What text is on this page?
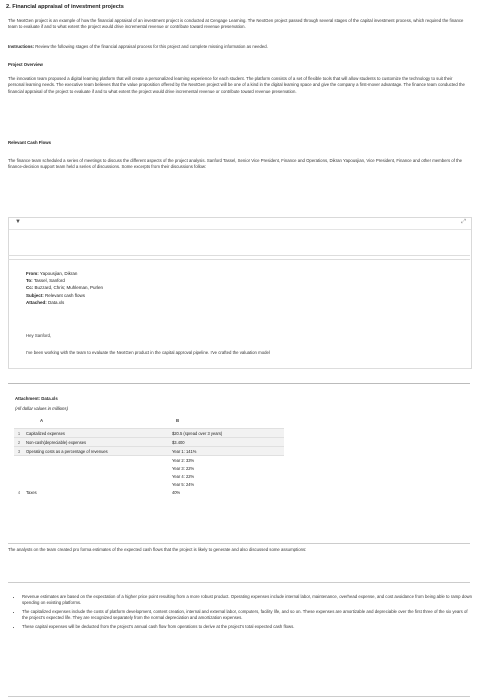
2. Financial appraisal of investment projects
The NextGen project is an example of how the financial appraisal of an investment project is conducted at Cengage Learning. The NextGen project passed through several stages of the capital investment process, which required the finance team to evaluate if and to what extent the project would drive incremental revenue or contribute toward revenue preservation.
Instructions: Review the following stages of the financial appraisal process for this project and complete missing information as needed.
Project Overview
The innovation team proposed a digital learning platform that will create a personalized learning experience for each student. The platform consists of a set of flexible tools that will allow students to customize the technology to suit their personal learning needs. The executive team believes that the value proposition offered by the NextGen project will be one of a kind in the digital learning space and give the company a first-mover advantage. The finance team conducted the financial appraisal of the project to evaluate if and to what extent the project would drive incremental revenue or contribute toward revenue preservation.
Relevant Cash Flows
The finance team scheduled a series of meetings to discuss the different aspects of the project analysis. Sanford Tassel, Senior Vice President, Finance and Operations, Dikran Yapousjian, Vice President, Finance and other members of the finance-decision support team held a series of discussions. Some excerpts from their discussions follow:
▼	⤢
From: Yapousjian, Dikran
To: Tassel, Sanford
Cc: Buzzard, Chris; Muhleman, Purlen
Subject: Relevant cash flows
Attached: Data.xls
Hey Sanford,
I've been working with the team to evaluate the NextGen product in the capital approval pipeline. I've crafted the valuation model
Attachment: Data.xls
(All dollar values in millions)
A	B
1	Capitalized expenses	$20.5 (spread over 3 years)
2	Non-cash(depreciable) expenses	$3.400
3	Operating costs as a percentage of revenues	Year 1: 141%
		Year 2: 33%
		Year 3: 22%
		Year 4: 22%
		Year 5: 24%
4	Taxes	40%
The analysts on the team created pro forma estimates of the expected cash flows that the project is likely to generate and also discussed some assumptions:
• Revenue estimates are based on the expectation of a higher price point resulting from a more robust product. Operating expenses include internal labor, maintenance, overhead expense, and cost avoidance from being able to ramp down spending on existing platforms.
• The capitalized expenses include the costs of platform development, content creation, internal and external labor, computers, facility life, and so on. These expenses are amortizable and depreciable over the first three of the six years of the project's expected life. They are recognized separately from the normal depreciation and amortization expenses.
• These capital expenses will be deducted from the project's annual cash flow from operations to derive at the project's total expected cash flows.
